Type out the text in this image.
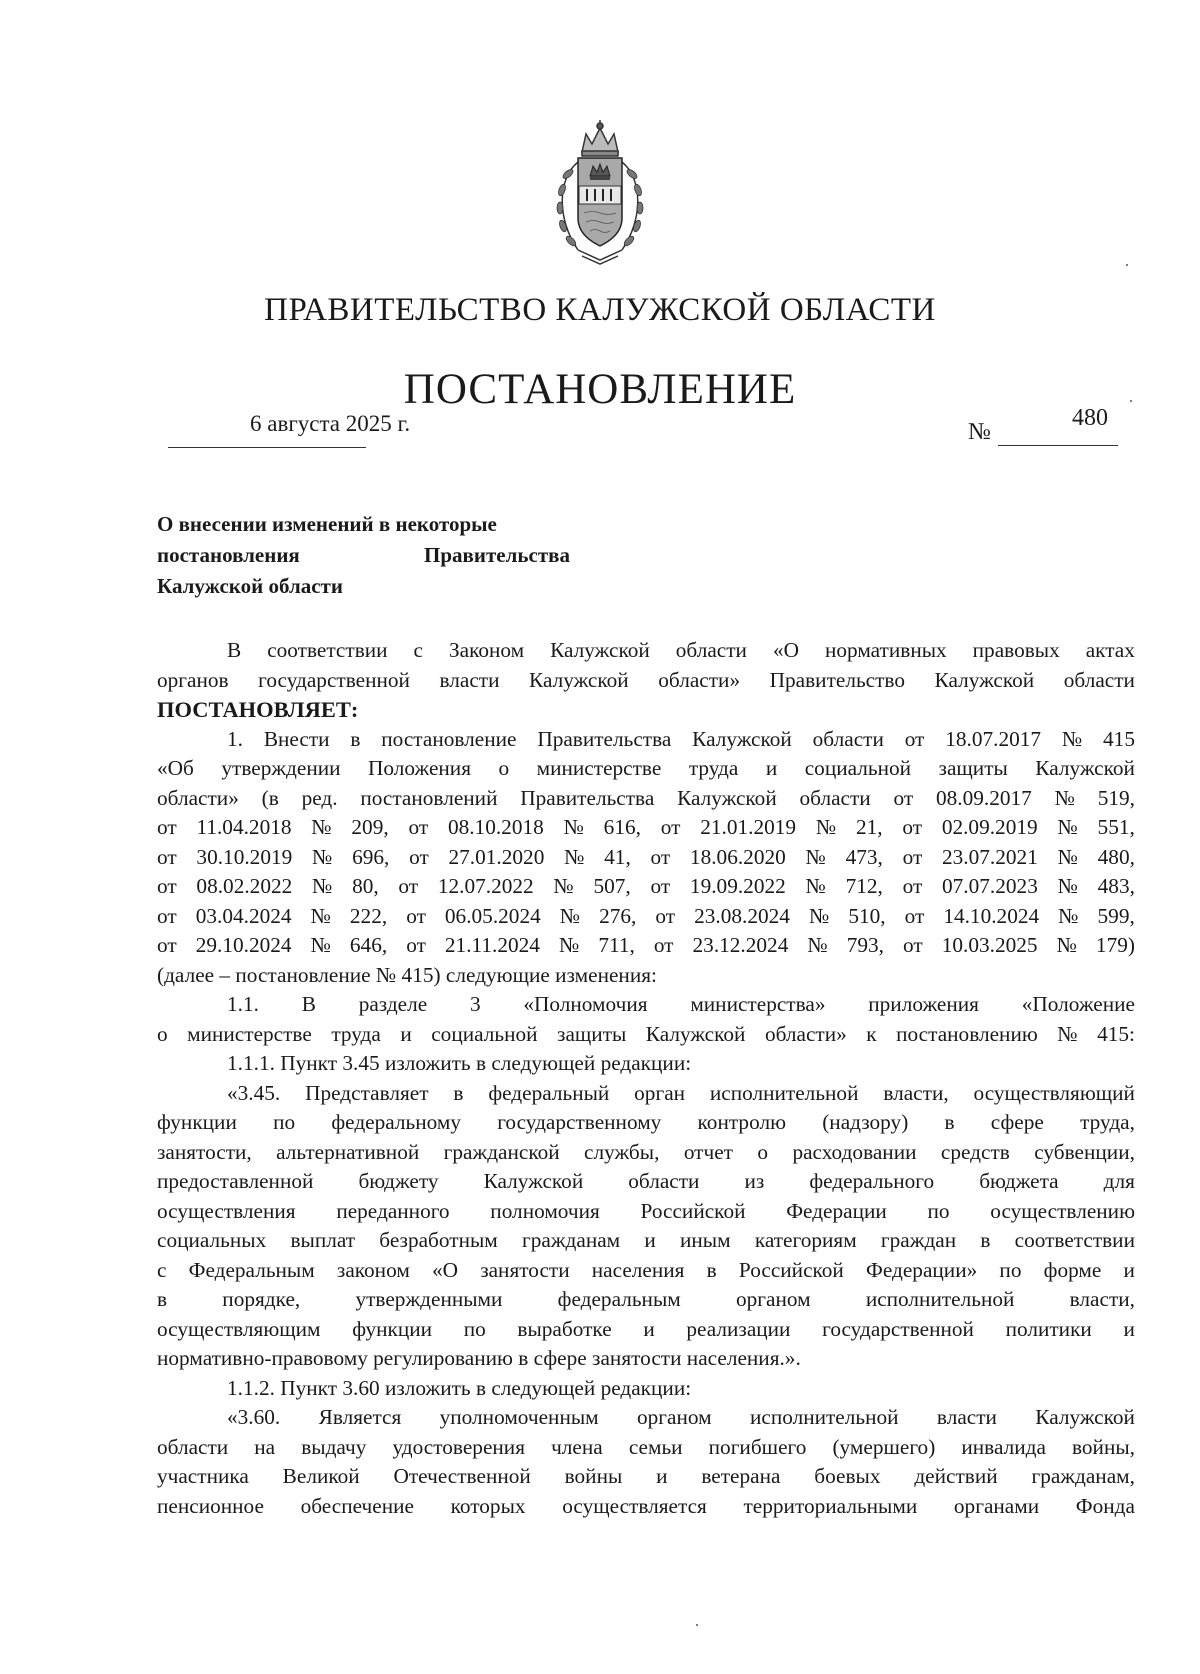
ПРАВИТЕЛЬСТВО КАЛУЖСКОЙ ОБЛАСТИ
ПОСТАНОВЛЕНИЕ
6 августа 2025 г.	№
480
О внесении изменений в некоторые
постановления	Правительства
Калужской области
В соответствии с Законом Калужской области «О нормативных правовых актах
органов государственной власти Калужской области» Правительство Калужской области
ПОСТАНОВЛЯЕТ:
1. Внести в постановление Правительства Калужской области от 18.07.2017 № 415
«Об утверждении Положения о министерстве труда и социальной защиты Калужской
области» (в ред. постановлений Правительства Калужской области от 08.09.2017 № 519,
от 11.04.2018 № 209, от 08.10.2018 № 616, от 21.01.2019 № 21, от 02.09.2019 № 551,
от 30.10.2019 № 696, от 27.01.2020 № 41, от 18.06.2020 № 473, от 23.07.2021 № 480,
от 08.02.2022 № 80, от 12.07.2022 № 507, от 19.09.2022 № 712, от 07.07.2023 № 483,
от 03.04.2024 № 222, от 06.05.2024 № 276, от 23.08.2024 № 510, от 14.10.2024 № 599,
от 29.10.2024 № 646, от 21.11.2024 № 711, от 23.12.2024 № 793, от 10.03.2025 № 179)
(далее – постановление № 415) следующие изменения:
1.1. В разделе 3 «Полномочия министерства» приложения «Положение
о министерстве труда и социальной защиты Калужской области» к постановлению № 415:
1.1.1. Пункт 3.45 изложить в следующей редакции:
«3.45. Представляет в федеральный орган исполнительной власти, осуществляющий
функции по федеральному государственному контролю (надзору) в сфере труда,
занятости, альтернативной гражданской службы, отчет о расходовании средств субвенции,
предоставленной бюджету Калужской области из федерального бюджета для
осуществления переданного полномочия Российской Федерации по осуществлению
социальных выплат безработным гражданам и иным категориям граждан в соответствии
с Федеральным законом «О занятости населения в Российской Федерации» по форме и
в	порядке,	утвержденными	федеральным	органом	исполнительной	власти,
осуществляющим функции по выработке и реализации государственной политики и
нормативно-правовому регулированию в сфере занятости населения.».
1.1.2. Пункт 3.60 изложить в следующей редакции:
«3.60. Является уполномоченным органом исполнительной власти Калужской
области на выдачу удостоверения члена семьи погибшего (умершего) инвалида войны,
участника Великой Отечественной войны и ветерана боевых действий гражданам,
пенсионное обеспечение которых осуществляется территориальными органами Фонда
